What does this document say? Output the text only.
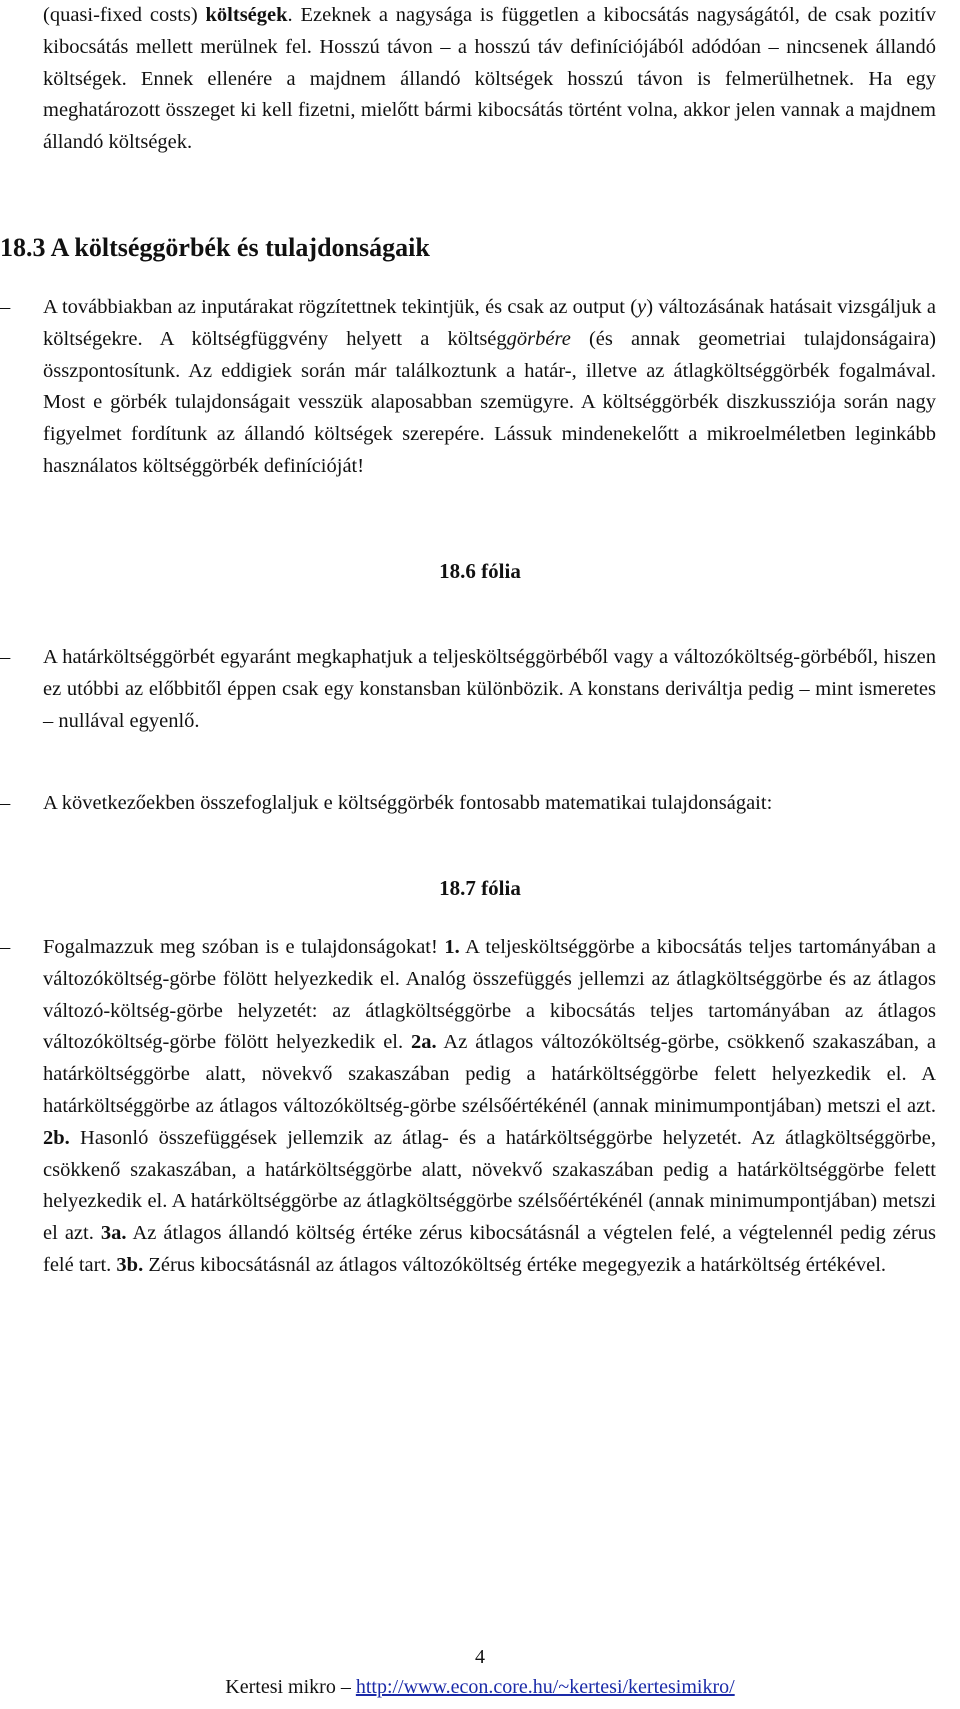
(quasi-fixed costs) költségek. Ezeknek a nagysága is független a kibocsátás nagyságától, de csak pozitív kibocsátás mellett merülnek fel. Hosszú távon – a hosszú táv definíciójából adódóan – nincsenek állandó költségek. Ennek ellenére a majdnem állandó költségek hosszú távon is felmerülhetnek. Ha egy meghatározott összeget ki kell fizetni, mielőtt bármi kibocsátás történt volna, akkor jelen vannak a majdnem állandó költségek.

18.3 A költséggörbék és tulajdonságaik
–	A továbbiakban az inputárakat rögzítettnek tekintjük, és csak az output (y) változásának hatásait vizsgáljuk a költségekre. A költségfüggvény helyett a költséggörbére (és annak geometriai tulajdonságaira) összpontosítunk. Az eddigiek során már találkoztunk a határ-, illetve az átlagköltséggörbék fogalmával. Most e görbék tulajdonságait vesszük alaposabban szemügyre. A költséggörbék diszkussziója során nagy figyelmet fordítunk az állandó költségek szerepére. Lássuk mindenekelőtt a mikroelméletben leginkább használatos költséggörbék definícióját!

18.6 fólia
–	A határköltséggörbét egyaránt megkaphatjuk a teljesköltséggörbéből vagy a változóköltség-görbéből, hiszen ez utóbbi az előbbitől éppen csak egy konstansban különbözik. A konstans deriváltja pedig – mint ismeretes – nullával egyenlő.

–	A következőekben összefoglaljuk e költséggörbék fontosabb matematikai tulajdonságait:

18.7 fólia
–	Fogalmazzuk meg szóban is e tulajdonságokat! 1. A teljesköltséggörbe a kibocsátás teljes tartományában a változóköltség-görbe fölött helyezkedik el. Analóg összefüggés jellemzi az átlagköltséggörbe és az átlagos változó-költség-görbe helyzetét: az átlagköltséggörbe a kibocsátás teljes tartományában az átlagos változóköltség-görbe fölött helyezkedik el. 2a. Az átlagos változóköltség-görbe, csökkenő szakaszában, a határköltséggörbe alatt, növekvő szakaszában pedig a határköltséggörbe felett helyezkedik el. A határköltséggörbe az átlagos változóköltség-görbe szélsőértékénél (annak minimumpontjában) metszi el azt. 2b. Hasonló összefüggések jellemzik az átlag- és a határköltséggörbe helyzetét. Az átlagköltséggörbe, csökkenő szakaszában, a határköltséggörbe alatt, növekvő szakaszában pedig a határköltséggörbe felett helyezkedik el. A határköltséggörbe az átlagköltséggörbe szélsőértékénél (annak minimumpontjában) metszi el azt. 3a. Az átlagos állandó költség értéke zérus kibocsátásnál a végtelen felé, a végtelennél pedig zérus felé tart. 3b. Zérus kibocsátásnál az átlagos változóköltség értéke megegyezik a határköltség értékével.

4
Kertesi mikro – http://www.econ.core.hu/~kertesi/kertesimikro/
